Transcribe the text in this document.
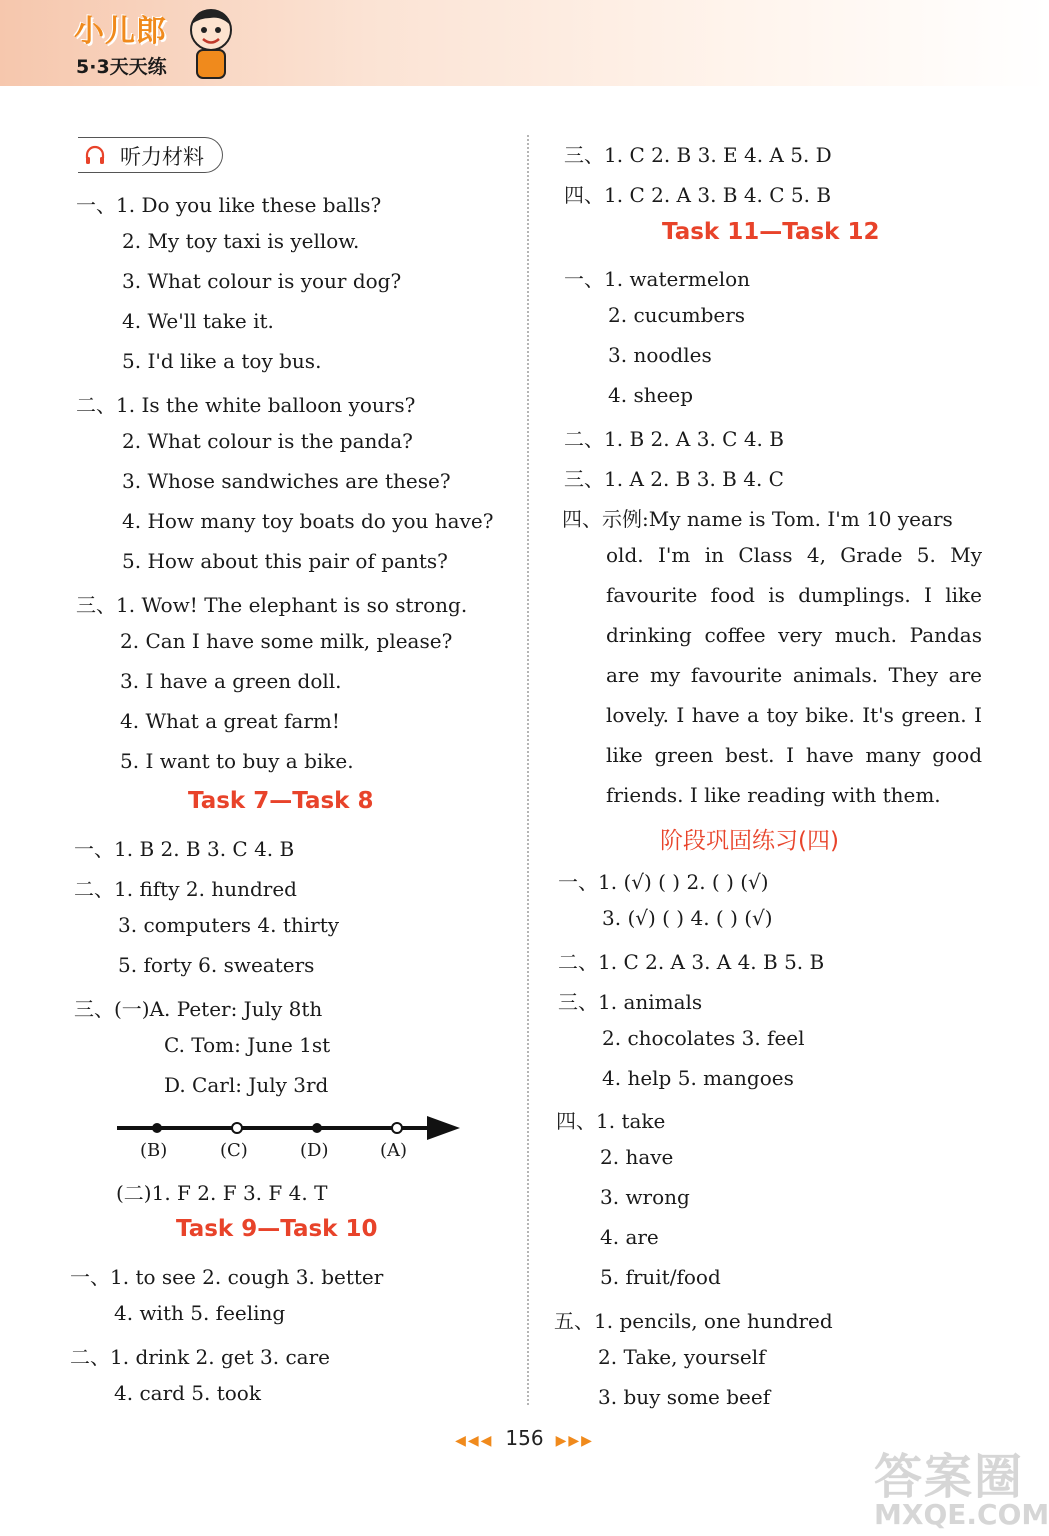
小儿郎
5·3天天练
听力材料
一、1. Do you like these balls?
2. My toy taxi is yellow.
3. What colour is your dog?
4. We'll take it.
5. I'd like a toy bus.
二、1. Is the white balloon yours?
2. What colour is the panda?
3. Whose sandwiches are these?
4. How many toy boats do you have?
5. How about this pair of pants?
三、1. Wow! The elephant is so strong.
2. Can I have some milk, please?
3. I have a green doll.
4. What a great farm!
5. I want to buy a bike.
Task 7—Task 8
一、1. B 2. B 3. C 4. B
二、1. fifty 2. hundred
3. computers 4. thirty
5. forty 6. sweaters
三、(一)A. Peter: July 8th
C. Tom: June 1st
D. Carl: July 3rd
(B)	(C)	(D)	(A)
(二)1. F 2. F 3. F 4. T
Task 9—Task 10
一、1. to see 2. cough 3. better
4. with 5. feeling
二、1. drink 2. get 3. care
4. card 5. took
三、1. C 2. B 3. E 4. A 5. D
四、1. C 2. A 3. B 4. C 5. B
Task 11—Task 12
一、1. watermelon
2. cucumbers
3. noodles
4. sheep
二、1. B 2. A 3. C 4. B
三、1. A 2. B 3. B 4. C
四、示例:My name is Tom. I'm 10 years
old. I'm in Class 4, Grade 5. My
favourite food is dumplings. I like
drinking coffee very much. Pandas
are my favourite animals. They are
lovely. I have a toy bike. It's green. I
like green best. I have many good
friends. I like reading with them.
阶段巩固练习(四)
一、1. (√) ( ) 2. ( ) (√)
3. (√) ( ) 4. ( ) (√)
二、1. C 2. A 3. A 4. B 5. B
三、1. animals
2. chocolates 3. feel
4. help 5. mangoes
四、1. take
2. have
3. wrong
4. are
5. fruit/food
五、1. pencils, one hundred
2. Take, yourself
3. buy some beef
◀◀◀ 156 ▶▶▶
答案圈
MXQE.COM
